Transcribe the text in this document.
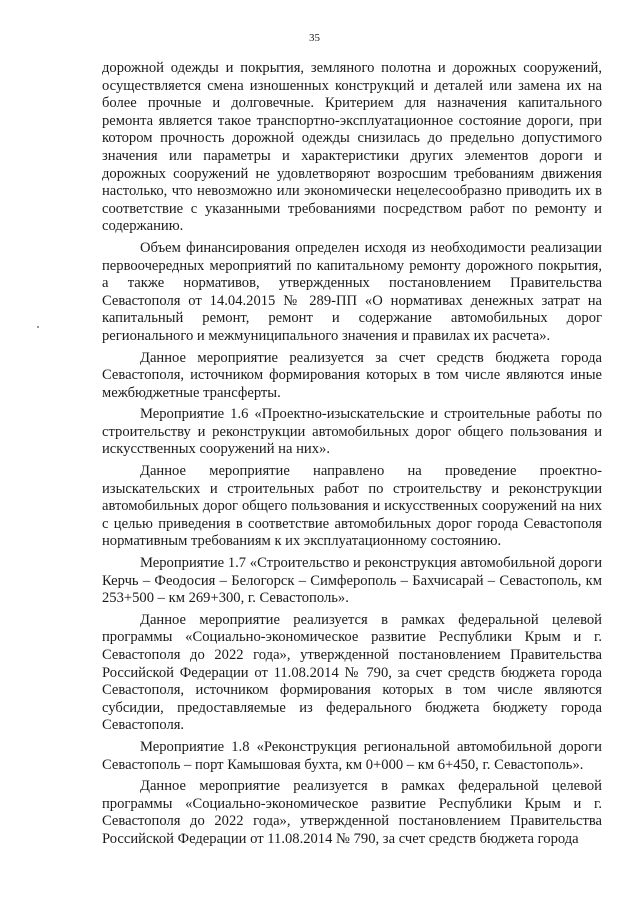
35

дорожной одежды и покрытия, земляного полотна и дорожных сооружений, осуществляется смена изношенных конструкций и деталей или замена их на более прочные и долговечные. Критерием для назначения капитального ремонта является такое транспортно-эксплуатационное состояние дороги, при котором прочность дорожной одежды снизилась до предельно допустимого значения или параметры и характеристики других элементов дороги и дорожных сооружений не удовлетворяют возросшим требованиям движения настолько, что невозможно или экономически нецелесообразно приводить их в соответствие с указанными требованиями посредством работ по ремонту и содержанию.

Объем финансирования определен исходя из необходимости реализации первоочередных мероприятий по капитальному ремонту дорожного покрытия, а также нормативов, утвержденных постановлением Правительства Севастополя от 14.04.2015 № 289-ПП «О нормативах денежных затрат на капитальный ремонт, ремонт и содержание автомобильных дорог регионального и межмуниципального значения и правилах их расчета».

Данное мероприятие реализуется за счет средств бюджета города Севастополя, источником формирования которых в том числе являются иные межбюджетные трансферты.

Мероприятие 1.6 «Проектно-изыскательские и строительные работы по строительству и реконструкции автомобильных дорог общего пользования и искусственных сооружений на них».

Данное мероприятие направлено на проведение проектно-изыскательских и строительных работ по строительству и реконструкции автомобильных дорог общего пользования и искусственных сооружений на них с целью приведения в соответствие автомобильных дорог города Севастополя нормативным требованиям к их эксплуатационному состоянию.

Мероприятие 1.7 «Строительство и реконструкция автомобильной дороги Керчь – Феодосия – Белогорск – Симферополь – Бахчисарай – Севастополь, км 253+500 – км 269+300, г. Севастополь».

Данное мероприятие реализуется в рамках федеральной целевой программы «Социально-экономическое развитие Республики Крым и г. Севастополя до 2022 года», утвержденной постановлением Правительства Российской Федерации от 11.08.2014 № 790, за счет средств бюджета города Севастополя, источником формирования которых в том числе являются субсидии, предоставляемые из федерального бюджета бюджету города Севастополя.

Мероприятие 1.8 «Реконструкция региональной автомобильной дороги Севастополь – порт Камышовая бухта, км 0+000 – км 6+450, г. Севастополь».

Данное мероприятие реализуется в рамках федеральной целевой программы «Социально-экономическое развитие Республики Крым и г. Севастополя до 2022 года», утвержденной постановлением Правительства Российской Федерации от 11.08.2014 № 790, за счет средств бюджета города
